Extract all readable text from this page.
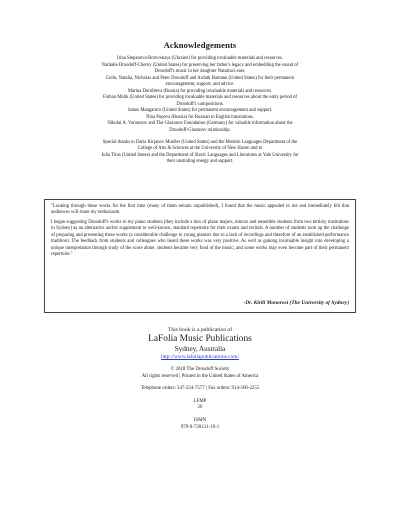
Acknowledgements
Irina Stepanova-Borovskaya (Ukraine) for providing invaluable materials and resources.
Nathalie Droodoff-Cherny (United States) for preserving her father's legacy and embedding the sound of
Droodoff's music in her daughter Natasha's ears.
Colin, Natalia, Nicholas and Peter Droodoff and Ardath Hamann (United States) for their permanent
encouragement, support, and advice.
Marina Dorofeeva (Russia) for providing invaluable materials and resources.
Farhan Malik (United States) for providing invaluable materials and resources about the early period of
Droodoff's compositions.
James Mangaruro (United States) for permanent encouragement and support.
Nina Popova (Russia) for Russian to English translations.
Nikolai A. Vorontsov and The Glazunov Foundation (Germany) for valuable information about the
Droodoff-Glazunov relationship.
Special thanks to Daria Kirjanov Mueller (United States) and the Modern Languages Department of the
College of Arts & Sciences at the University of New Haven and to
Julia Titus (United States) and the Department of Slavic Languages and Literatures at Yale University for
their unstinting energy and support.

"Looking through these works for the first time (many of them remain unpublished), I found that the music appealed to me and immediately felt that audiences will share my enthusiasm.

I began suggesting Droodoff's works to my piano students (they include a mix of piano majors, minors and ensemble students from two tertiary institutions in Sydney) as an alternative and/or supplement to well-known, standard repertoire for their exams and recitals. A number of students took up the challenge of preparing and presenting these works (a considerable challenge to young pianists due to a lack of recordings and therefore of an established performance tradition). The feedback from students and colleagues who heard these works was very positive. As well as gaining invaluable insight into developing a unique interpretation through study of the score alone, students became very fond of the music, and some works may even become part of their permanent repertoire."

-Dr. Kirill Monorosi (The University of Sydney)
This book is a publication of
LaFolia Music Publications
Sydney, Australia
http://www.lafoliapublications.com/
© 2018 The Droodoff Society
All rights reserved | Printed in the United States of America
Telephone orders: 347-224-7577 | Fax orders: 914-560-2255
LFMP
20
ISMN
979-0-720131-19-1
